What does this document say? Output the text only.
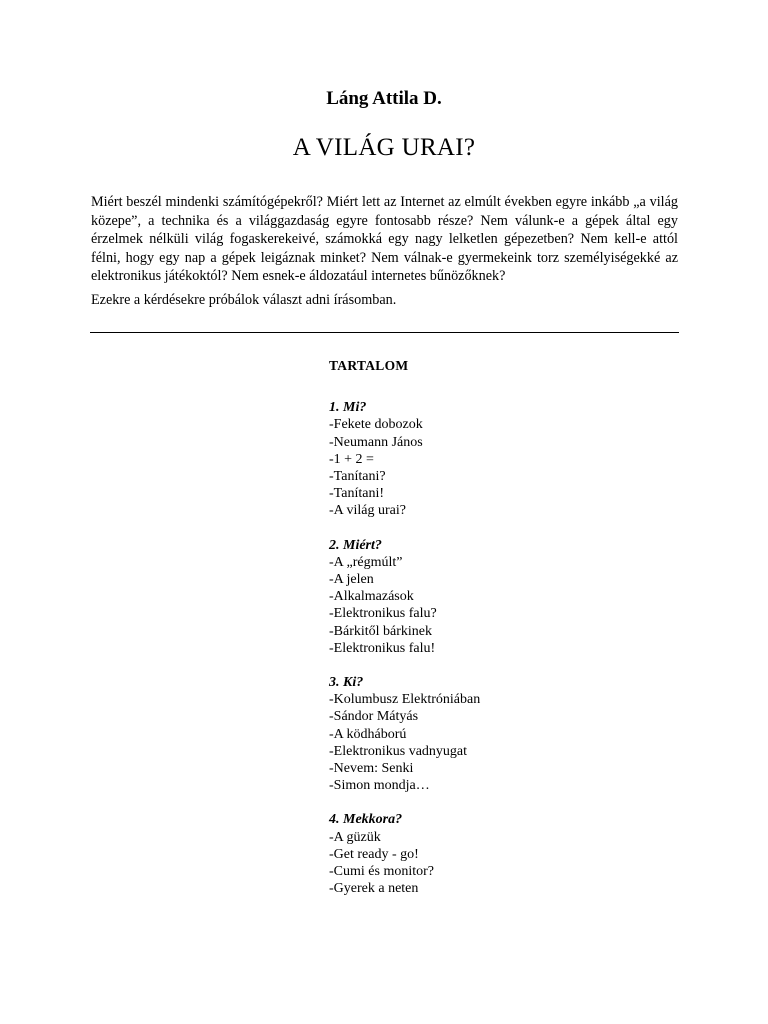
Láng Attila D.
A VILÁG URAI?

Miért beszél mindenki számítógépekről? Miért lett az Internet az elmúlt években egyre inkább „a világ közepe”, a technika és a világgazdaság egyre fontosabb része? Nem válunk-e a gépek által egy érzelmek nélküli világ fogaskerekeivé, számokká egy nagy lelketlen gépezetben? Nem kell-e attól félni, hogy egy nap a gépek leigáznak minket? Nem válnak-e gyermekeink torz személyiségekké az elektronikus játékoktól? Nem esnek-e áldozatául internetes bűnözőknek?

Ezekre a kérdésekre próbálok választ adni írásomban.

TARTALOM
1. Mi?
-Fekete dobozok
-Neumann János
-1 + 2 =
-Tanítani?
-Tanítani!
-A világ urai?
2. Miért?
-A „régmúlt”
-A jelen
-Alkalmazások
-Elektronikus falu?
-Bárkitől bárkinek
-Elektronikus falu!
3. Ki?
-Kolumbusz Elektróniában
-Sándor Mátyás
-A ködháború
-Elektronikus vadnyugat
-Nevem: Senki
-Simon mondja…
4. Mekkora?
-A güzük
-Get ready - go!
-Cumi és monitor?
-Gyerek a neten
